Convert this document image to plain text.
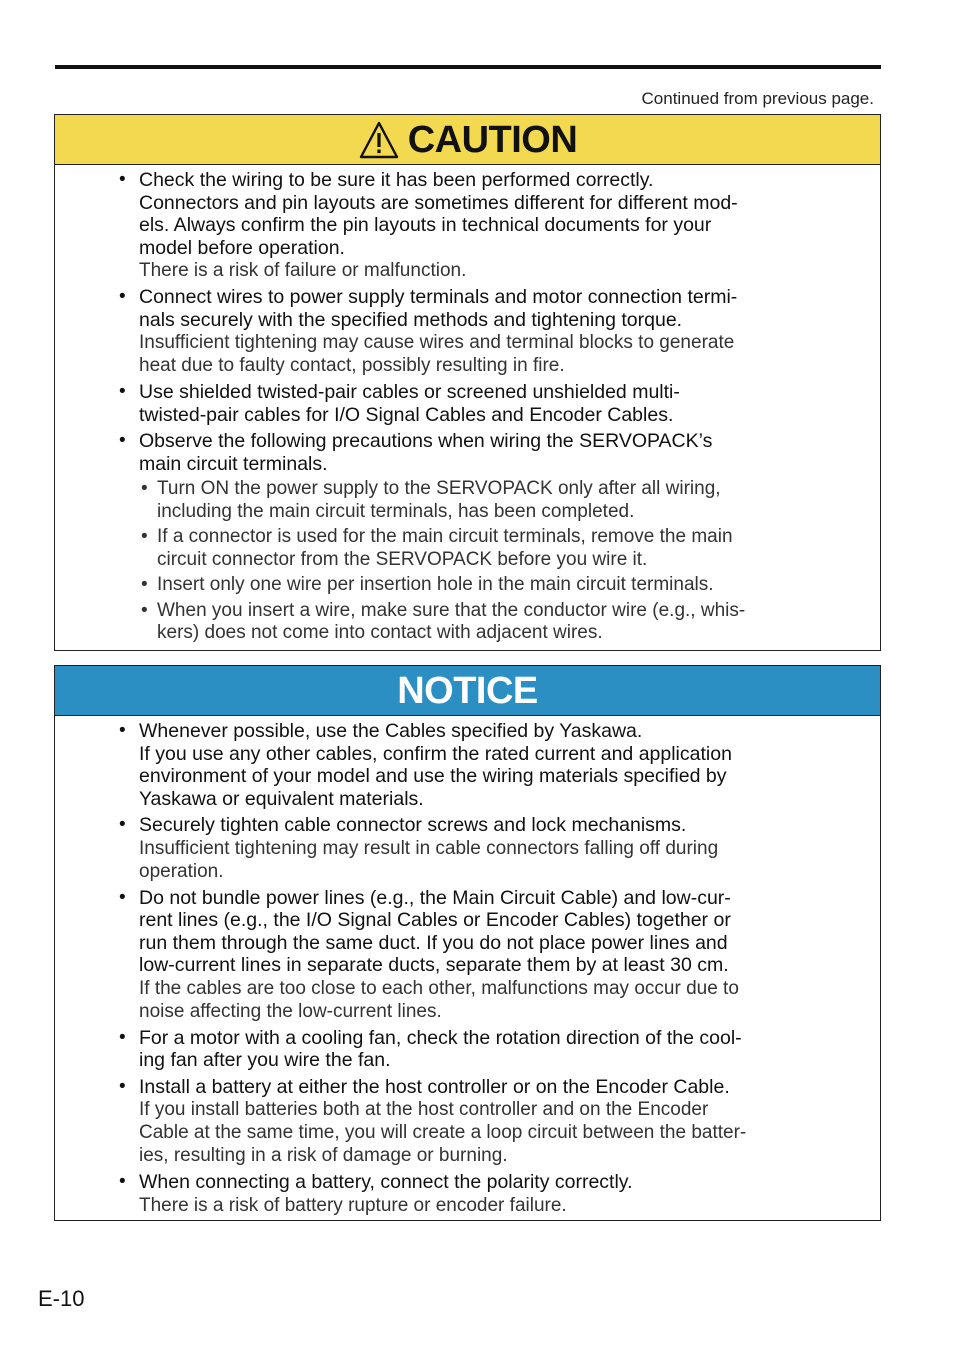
Continued from previous page.
CAUTION
• Check the wiring to be sure it has been performed correctly.
Connectors and pin layouts are sometimes different for different mod-
els. Always confirm the pin layouts in technical documents for your
model before operation.
There is a risk of failure or malfunction.
• Connect wires to power supply terminals and motor connection termi-
nals securely with the specified methods and tightening torque.
Insufficient tightening may cause wires and terminal blocks to generate
heat due to faulty contact, possibly resulting in fire.
• Use shielded twisted-pair cables or screened unshielded multi-
twisted-pair cables for I/O Signal Cables and Encoder Cables.
• Observe the following precautions when wiring the SERVOPACK’s
main circuit terminals.
• Turn ON the power supply to the SERVOPACK only after all wiring,
including the main circuit terminals, has been completed.
• If a connector is used for the main circuit terminals, remove the main
circuit connector from the SERVOPACK before you wire it.
• Insert only one wire per insertion hole in the main circuit terminals.
• When you insert a wire, make sure that the conductor wire (e.g., whis-
kers) does not come into contact with adjacent wires.
NOTICE
• Whenever possible, use the Cables specified by Yaskawa.
If you use any other cables, confirm the rated current and application
environment of your model and use the wiring materials specified by
Yaskawa or equivalent materials.
• Securely tighten cable connector screws and lock mechanisms.
Insufficient tightening may result in cable connectors falling off during
operation.
• Do not bundle power lines (e.g., the Main Circuit Cable) and low-cur-
rent lines (e.g., the I/O Signal Cables or Encoder Cables) together or
run them through the same duct. If you do not place power lines and
low-current lines in separate ducts, separate them by at least 30 cm.
If the cables are too close to each other, malfunctions may occur due to
noise affecting the low-current lines.
• For a motor with a cooling fan, check the rotation direction of the cool-
ing fan after you wire the fan.
• Install a battery at either the host controller or on the Encoder Cable.
If you install batteries both at the host controller and on the Encoder
Cable at the same time, you will create a loop circuit between the batter-
ies, resulting in a risk of damage or burning.
• When connecting a battery, connect the polarity correctly.
There is a risk of battery rupture or encoder failure.
E-10
